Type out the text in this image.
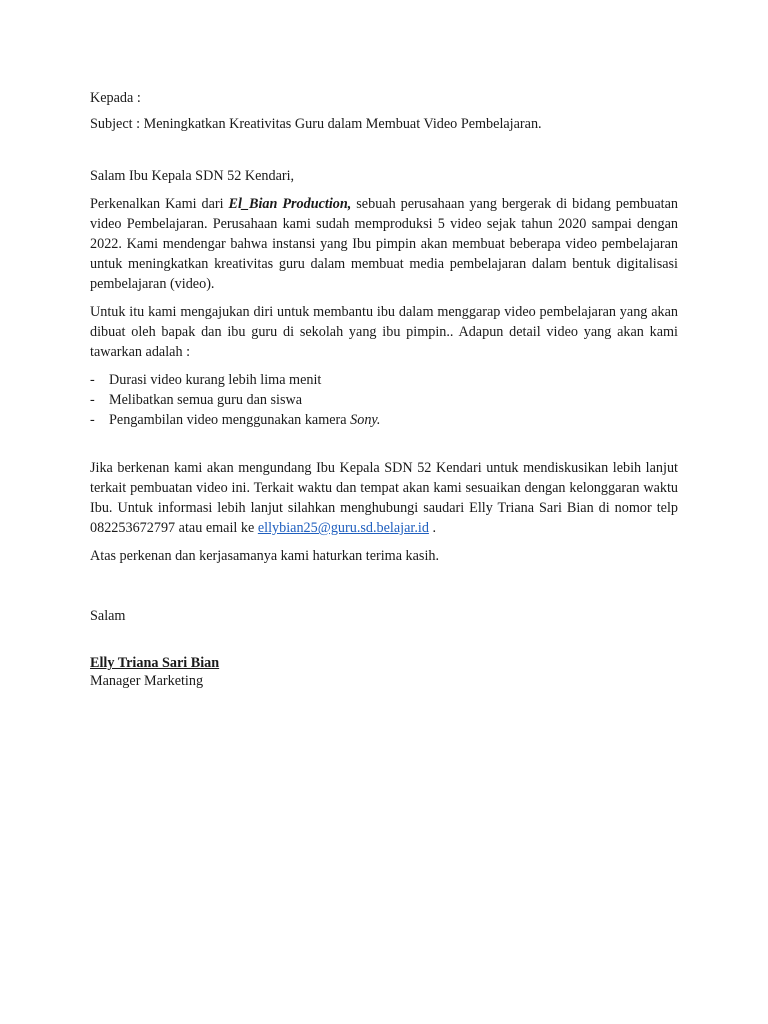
Kepada :

Subject : Meningkatkan Kreativitas Guru dalam Membuat Video Pembelajaran.

Salam Ibu Kepala SDN 52 Kendari,

Perkenalkan Kami dari El_Bian Production, sebuah perusahaan yang bergerak di bidang pembuatan video Pembelajaran. Perusahaan kami sudah memproduksi 5 video sejak tahun 2020 sampai dengan 2022. Kami mendengar bahwa instansi yang Ibu pimpin akan membuat beberapa video pembelajaran untuk meningkatkan kreativitas guru dalam membuat media pembelajaran dalam bentuk digitalisasi pembelajaran (video).

Untuk itu kami mengajukan diri untuk membantu ibu dalam menggarap video pembelajaran yang akan dibuat oleh bapak dan ibu guru di sekolah yang ibu pimpin.. Adapun detail video yang akan kami tawarkan adalah :

- Durasi video kurang lebih lima menit
- Melibatkan semua guru dan siswa
- Pengambilan video menggunakan kamera Sony.

Jika berkenan kami akan mengundang Ibu Kepala SDN 52 Kendari untuk mendiskusikan lebih lanjut terkait pembuatan video ini. Terkait waktu dan tempat akan kami sesuaikan dengan kelonggaran waktu Ibu. Untuk informasi lebih lanjut silahkan menghubungi saudari Elly Triana Sari Bian di nomor telp 082253672797 atau email ke ellybian25@guru.sd.belajar.id .

Atas perkenan dan kerjasamanya kami haturkan terima kasih.

Salam

Elly Triana Sari Bian
Manager Marketing
